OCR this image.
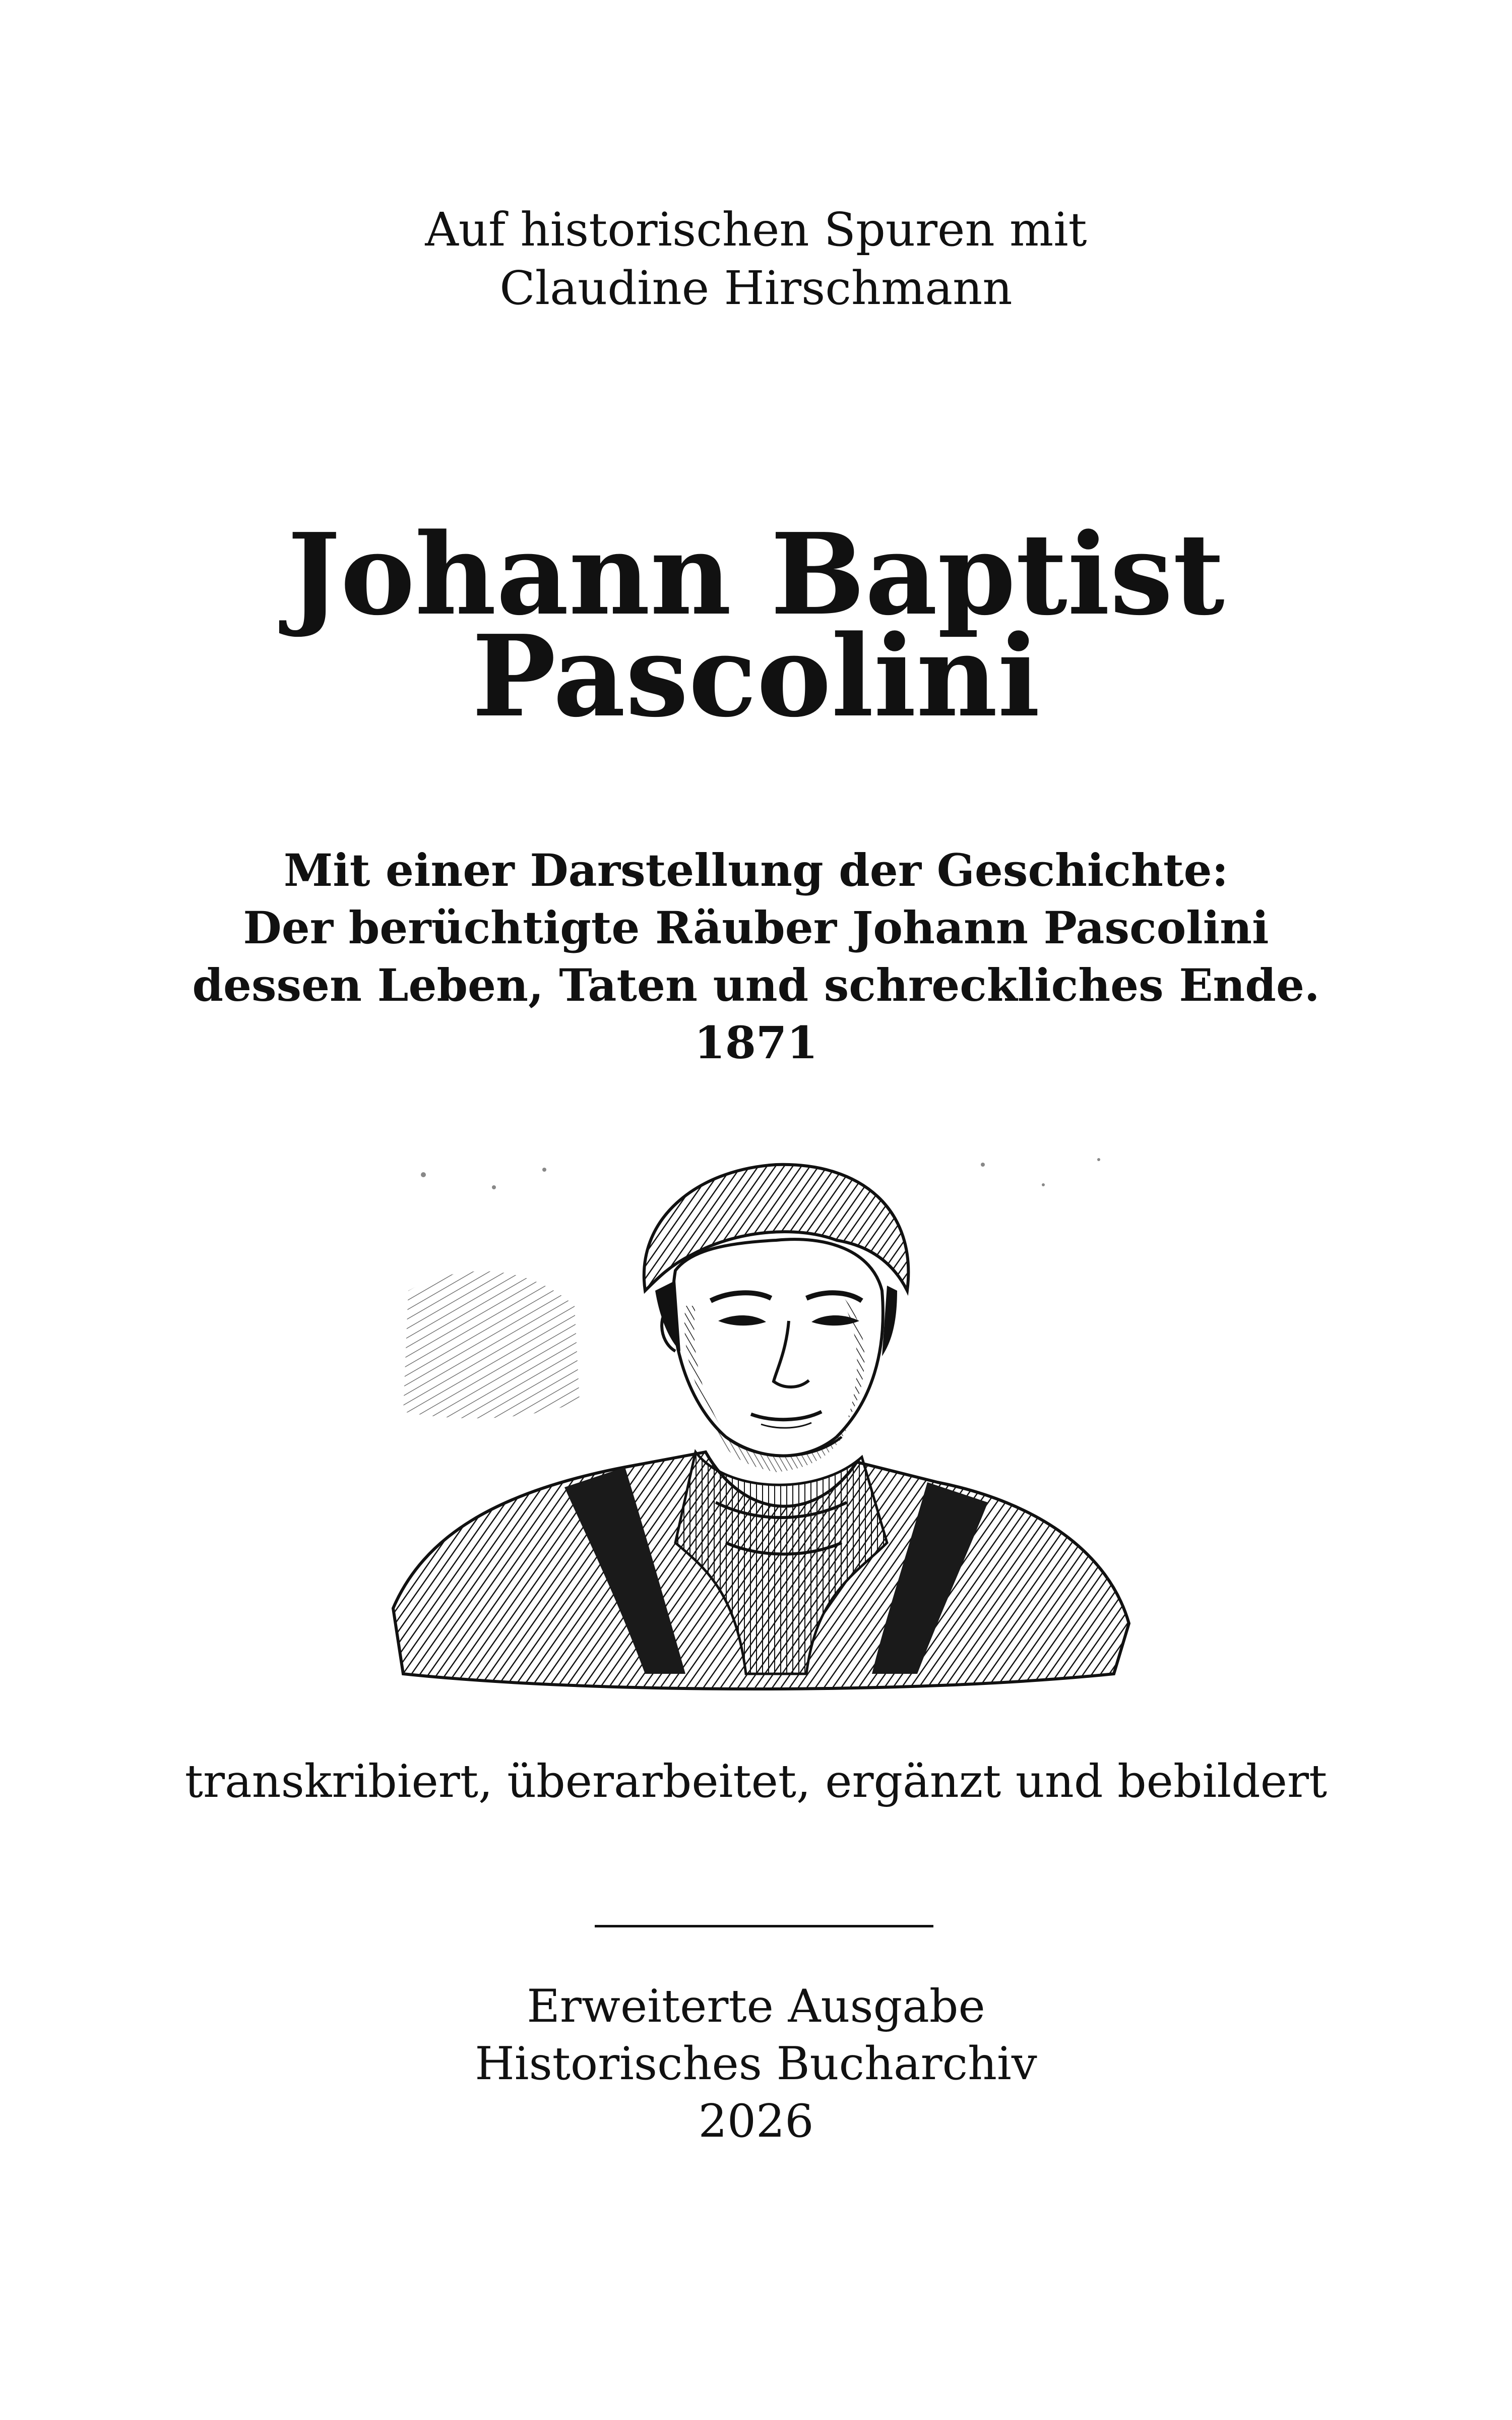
Auf historischen Spuren mit
Claudine Hirschmann
Johann Baptist
Pascolini
Mit einer Darstellung der Geschichte:
Der berüchtigte Räuber Johann Pascolini
dessen Leben, Taten und schreckliches Ende.
1871
transkribiert, überarbeitet, ergänzt und bebildert
Erweiterte Ausgabe
Historisches Bucharchiv
2026
